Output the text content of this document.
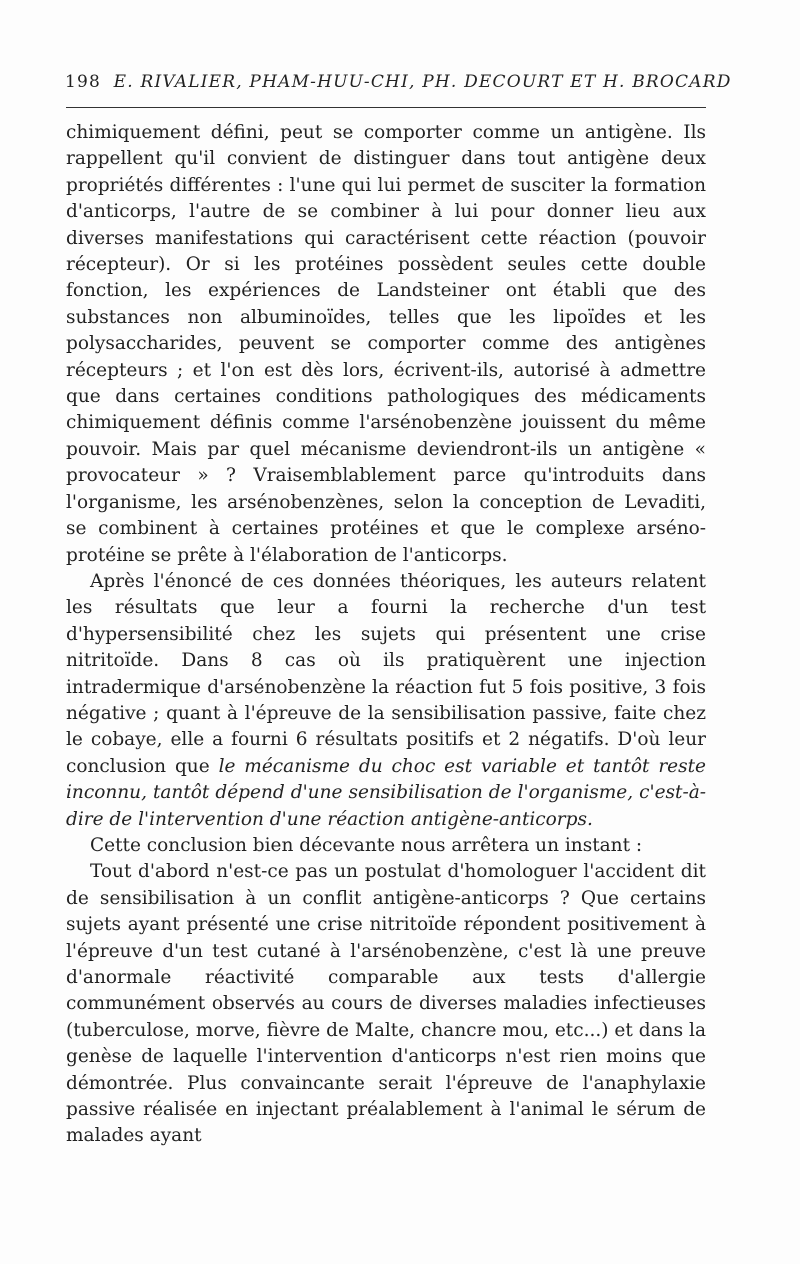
198 E. RIVALIER, PHAM-HUU-CHI, PH. DECOURT ET H. BROCARD

chimiquement défini, peut se comporter comme un antigène. Ils rappellent qu'il convient de distinguer dans tout antigène deux propriétés différentes : l'une qui lui permet de susciter la formation d'anticorps, l'autre de se combiner à lui pour donner lieu aux diverses manifestations qui caractérisent cette réaction (pouvoir récepteur). Or si les protéines possèdent seules cette double fonction, les expériences de Landsteiner ont établi que des substances non albuminoïdes, telles que les lipoïdes et les polysaccharides, peuvent se comporter comme des antigènes récepteurs ; et l'on est dès lors, écrivent-ils, autorisé à admettre que dans certaines conditions pathologiques des médicaments chimiquement définis comme l'arsénobenzène jouissent du même pouvoir. Mais par quel mécanisme deviendront-ils un antigène « provocateur » ? Vraisemblablement parce qu'introduits dans l'organisme, les arsénobenzènes, selon la conception de Levaditi, se combinent à certaines protéines et que le complexe arséno-protéine se prête à l'élaboration de l'anticorps.

Après l'énoncé de ces données théoriques, les auteurs relatent les résultats que leur a fourni la recherche d'un test d'hypersensibilité chez les sujets qui présentent une crise nitritoïde. Dans 8 cas où ils pratiquèrent une injection intradermique d'arsénobenzène la réaction fut 5 fois positive, 3 fois négative ; quant à l'épreuve de la sensibilisation passive, faite chez le cobaye, elle a fourni 6 résultats positifs et 2 négatifs. D'où leur conclusion que le mécanisme du choc est variable et tantôt reste inconnu, tantôt dépend d'une sensibilisation de l'organisme, c'est-à-dire de l'intervention d'une réaction antigène-anticorps.

Cette conclusion bien décevante nous arrêtera un instant :

Tout d'abord n'est-ce pas un postulat d'homologuer l'accident dit de sensibilisation à un conflit antigène-anticorps ? Que certains sujets ayant présenté une crise nitritoïde répondent positivement à l'épreuve d'un test cutané à l'arsénobenzène, c'est là une preuve d'anormale réactivité comparable aux tests d'allergie communément observés au cours de diverses maladies infectieuses (tuberculose, morve, fièvre de Malte, chancre mou, etc...) et dans la genèse de laquelle l'intervention d'anticorps n'est rien moins que démontrée. Plus convaincante serait l'épreuve de l'anaphylaxie passive réalisée en injectant préalablement à l'animal le sérum de malades ayant
